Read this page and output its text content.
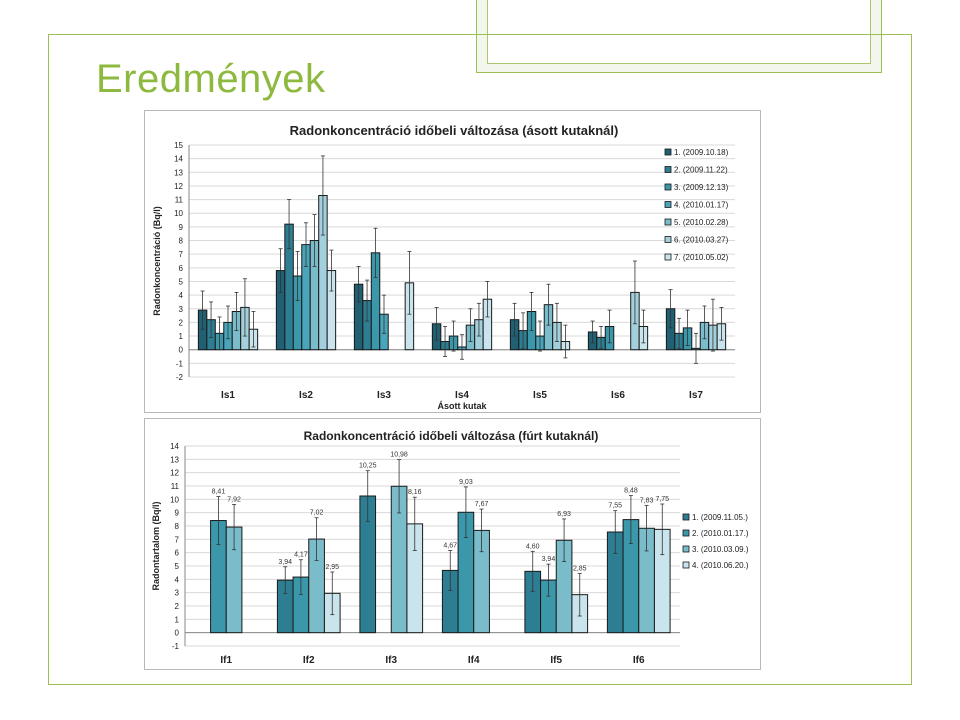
Eredmények
Radonkoncentráció időbeli változása (ásott kutaknál)
-2
-1
0
1
2
3
4
5
6
7
8
9
10
11
12
13
14
15
Radonkoncentráció (Bq/l)
Is1	Is2	Is3	Is4	Is5	Is6	Is7
Ásott kutak
1. (2009.10.18)
2. (2009.11.22)
3. (2009.12.13)
4. (2010.01.17)
5. (2010.02.28)
6. (2010.03.27)
7. (2010.05.02)
Radonkoncentráció időbeli változása (fúrt kutaknál)
-1
0
1
2
3
4
5
6
7
8
9
10
11
12
13
14
Radontartalom (Bq/l)
If1
8,41
7,92
If2
3,94
4,17
7,02
2,95
If3
10,25
10,98
8,16
If4
4,67
9,03
7,67
If5
4,60
3,94
6,93
2,85
If6
7,55
8,48
7,83 7,75
1. (2009.11.05.)
2. (2010.01.17.)
3. (2010.03.09.)
4. (2010.06.20.)
